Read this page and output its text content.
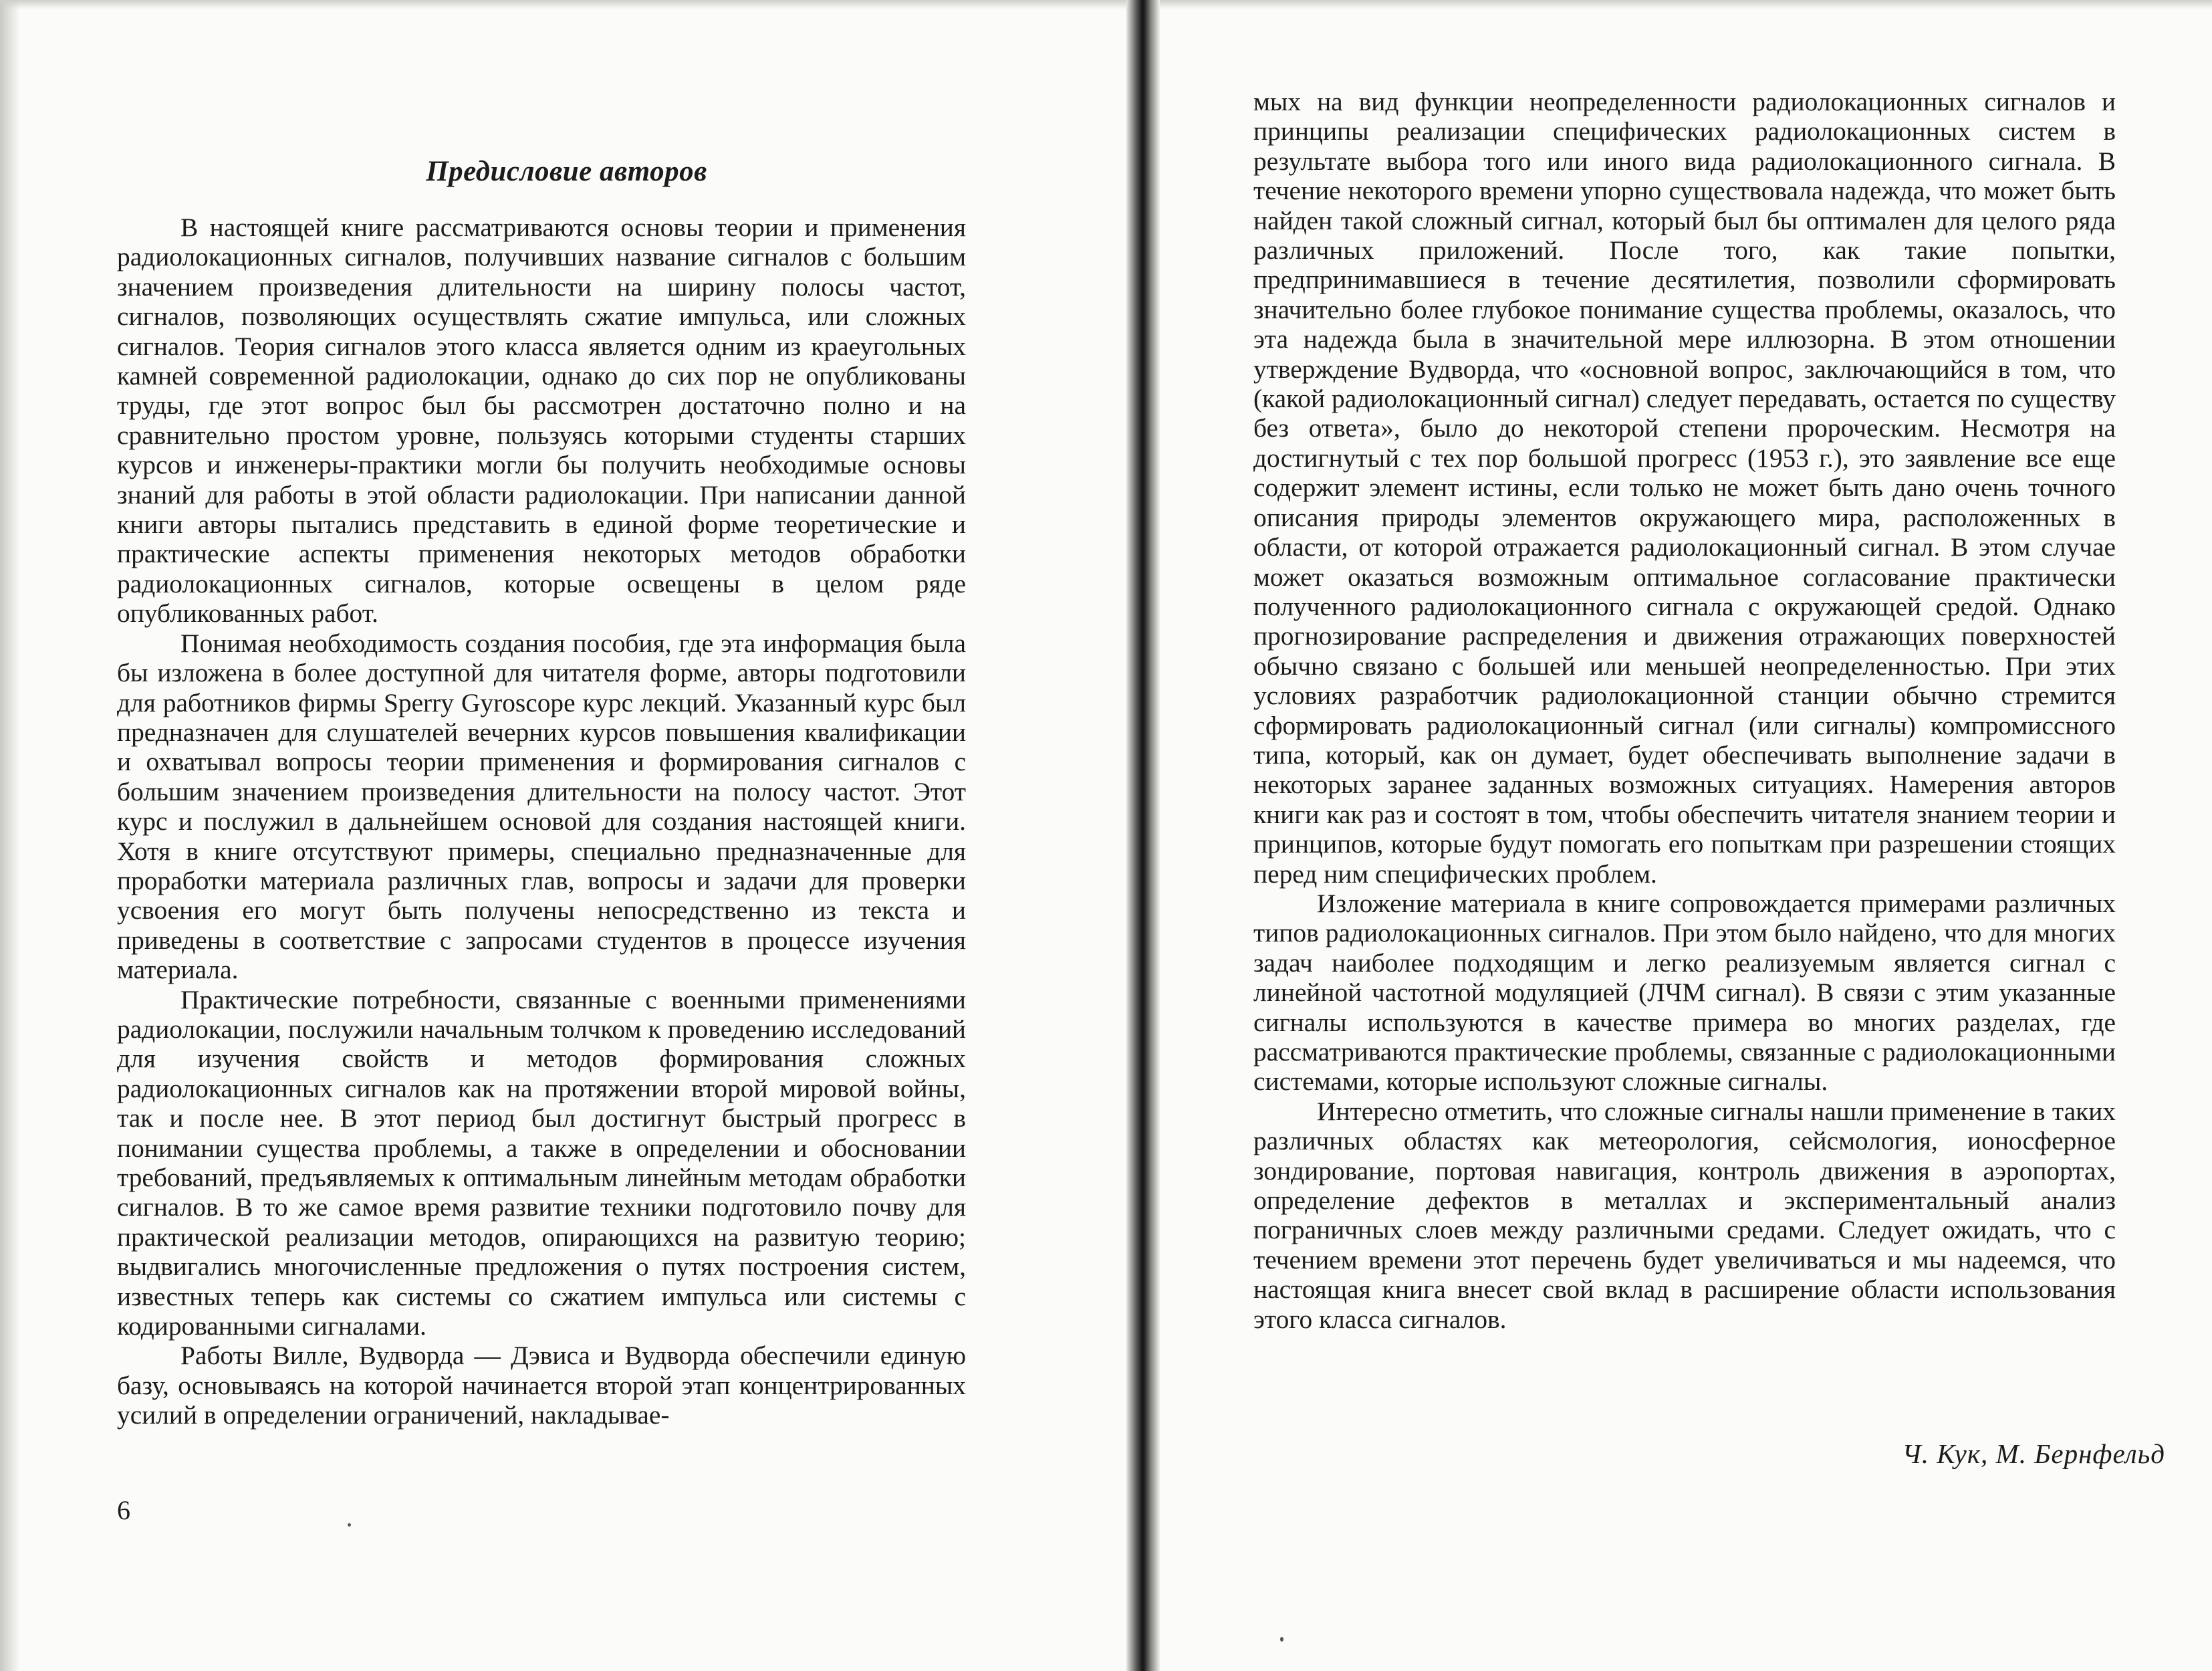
Предисловие авторов

В настоящей книге рассматриваются основы теории и применения радиолокационных сигналов, получивших название сигналов с большим значением произведения длительности на ширину полосы частот, сигналов, позволяющих осуществлять сжатие импульса, или сложных сигналов. Теория сигналов этого класса является одним из краеугольных камней современной радиолокации, однако до сих пор не опубликованы труды, где этот вопрос был бы рассмотрен достаточно полно и на сравнительно простом уровне, пользуясь которыми студенты старших курсов и инженеры-практики могли бы получить необходимые основы знаний для работы в этой области радиолокации. При написании данной книги авторы пытались представить в единой форме теоретические и практические аспекты применения некоторых методов обработки радиолокационных сигналов, которые освещены в целом ряде опубликованных работ.

Понимая необходимость создания пособия, где эта информация была бы изложена в более доступной для читателя форме, авторы подготовили для работников фирмы Sperry Gyroscope курс лекций. Указанный курс был предназначен для слушателей вечерних курсов повышения квалификации и охватывал вопросы теории применения и формирования сигналов с большим значением произведения длительности на полосу частот. Этот курс и послужил в дальнейшем основой для создания настоящей книги. Хотя в книге отсутствуют примеры, специально предназначенные для проработки материала различных глав, вопросы и задачи для проверки усвоения его могут быть получены непосредственно из текста и приведены в соответствие с запросами студентов в процессе изучения материала.

Практические потребности, связанные с военными применениями радиолокации, послужили начальным толчком к проведению исследований для изучения свойств и методов формирования сложных радиолокационных сигналов как на протяжении второй мировой войны, так и после нее. В этот период был достигнут быстрый прогресс в понимании существа проблемы, а также в определении и обосновании требований, предъявляемых к оптимальным линейным методам обработки сигналов. В то же самое время развитие техники подготовило почву для практической реализации методов, опирающихся на развитую теорию; выдвигались многочисленные предложения о путях построения систем, известных теперь как системы со сжатием импульса или системы с кодированными сигналами.

Работы Вилле, Вудворда — Дэвиса и Вудворда обеспечили единую базу, основываясь на которой начинается второй этап концентрированных усилий в определении ограничений, накладывае-

6

мых на вид функции неопределенности радиолокационных сигналов и принципы реализации специфических радиолокационных систем в результате выбора того или иного вида радиолокационного сигнала. В течение некоторого времени упорно существовала надежда, что может быть найден такой сложный сигнал, который был бы оптимален для целого ряда различных приложений. После того, как такие попытки, предпринимавшиеся в течение десятилетия, позволили сформировать значительно более глубокое понимание существа проблемы, оказалось, что эта надежда была в значительной мере иллюзорна. В этом отношении утверждение Вудворда, что «основной вопрос, заключающийся в том, что (какой радиолокационный сигнал) следует передавать, остается по существу без ответа», было до некоторой степени пророческим. Несмотря на достигнутый с тех пор большой прогресс (1953 г.), это заявление все еще содержит элемент истины, если только не может быть дано очень точного описания природы элементов окружающего мира, расположенных в области, от которой отражается радиолокационный сигнал. В этом случае может оказаться возможным оптимальное согласование практически полученного радиолокационного сигнала с окружающей средой. Однако прогнозирование распределения и движения отражающих поверхностей обычно связано с большей или меньшей неопределенностью. При этих условиях разработчик радиолокационной станции обычно стремится сформировать радиолокационный сигнал (или сигналы) компромиссного типа, который, как он думает, будет обеспечивать выполнение задачи в некоторых заранее заданных возможных ситуациях. Намерения авторов книги как раз и состоят в том, чтобы обеспечить читателя знанием теории и принципов, которые будут помогать его попыткам при разрешении стоящих перед ним специфических проблем.

Изложение материала в книге сопровождается примерами различных типов радиолокационных сигналов. При этом было найдено, что для многих задач наиболее подходящим и легко реализуемым является сигнал с линейной частотной модуляцией (ЛЧМ сигнал). В связи с этим указанные сигналы используются в качестве примера во многих разделах, где рассматриваются практические проблемы, связанные с радиолокационными системами, которые используют сложные сигналы.

Интересно отметить, что сложные сигналы нашли применение в таких различных областях как метеорология, сейсмология, ионосферное зондирование, портовая навигация, контроль движения в аэропортах, определение дефектов в металлах и экспериментальный анализ пограничных слоев между различными средами. Следует ожидать, что с течением времени этот перечень будет увеличиваться и мы надеемся, что настоящая книга внесет свой вклад в расширение области использования этого класса сигналов.

Ч. Кук, М. Бернфельд
